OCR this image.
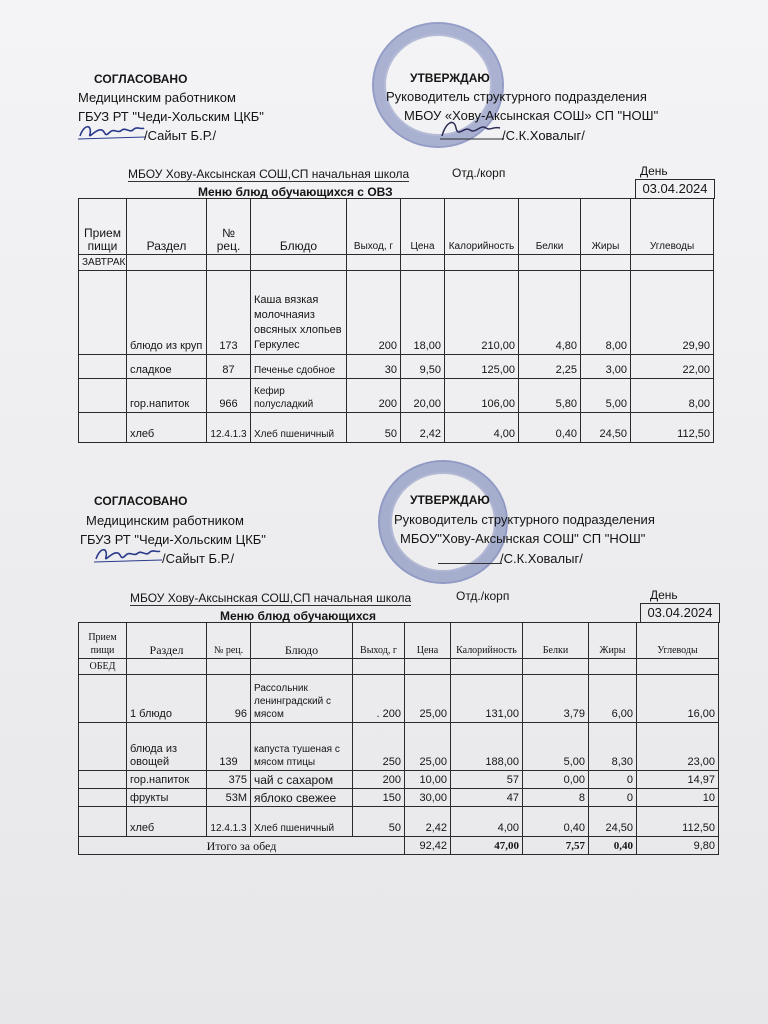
СОГЛАСОВАНО
Медицинским работником
ГБУЗ РТ "Чеди-Хольским ЦКБ"
/Сайыт Б.Р./
УТВЕРЖДАЮ
Руководитель структурного подразделения
МБОУ «Хову-Аксынская СОШ» СП "НОШ"
/С.К.Ховалыг/
МБОУ Хову-Аксынская СОШ,СП начальная школа	Отд./корп	День
Меню блюд обучающихся с ОВЗ	03.04.2024
Прием пищи	Раздел	№ рец.	Блюдо	Выход, г	Цена	Калорийность	Белки	Жиры	Углеводы
ЗАВТРАК									
	блюдо из круп	173	Каша вязкая молочнаяиз овсяных хлопьев Геркулес	200	18,00	210,00	4,80	8,00	29,90
	сладкое	87	Печенье сдобное	30	9,50	125,00	2,25	3,00	22,00
	гор.напиток	966	Кефир полусладкий	200	20,00	106,00	5,80	5,00	8,00
	хлеб	12.4.1.3	Хлеб пшеничный	50	2,42	4,00	0,40	24,50	112,50
СОГЛАСОВАНО
Медицинским работником
ГБУЗ РТ "Чеди-Хольским ЦКБ"
/Сайыт Б.Р./
УТВЕРЖДАЮ
Руководитель структурного подразделения
МБОУ"Хову-Аксынская СОШ" СП "НОШ"
/С.К.Ховалыг/
МБОУ Хову-Аксынская СОШ,СП начальная школа	Отд./корп	День
Меню блюд обучающихся	03.04.2024
Прием пищи	Раздел	№ рец.	Блюдо	Выход, г	Цена	Калорийность	Белки	Жиры	Углеводы
ОБЕД									
	1 блюдо	96	Рассольник ленинградский с мясом	. 200	25,00	131,00	3,79	6,00	16,00
	блюда из овощей	139	капуста тушеная с мясом птицы	250	25,00	188,00	5,00	8,30	23,00
	гор.напиток	375	чай с сахаром	200	10,00	57	0,00	0	14,97
	фрукты	53М	яблоко свежее	150	30,00	47	8	0	10
	хлеб	12.4.1.3	Хлеб пшеничный	50	2,42	4,00	0,40	24,50	112,50
Итого за обед					92,42	47,00	7,57	0,40	9,80
